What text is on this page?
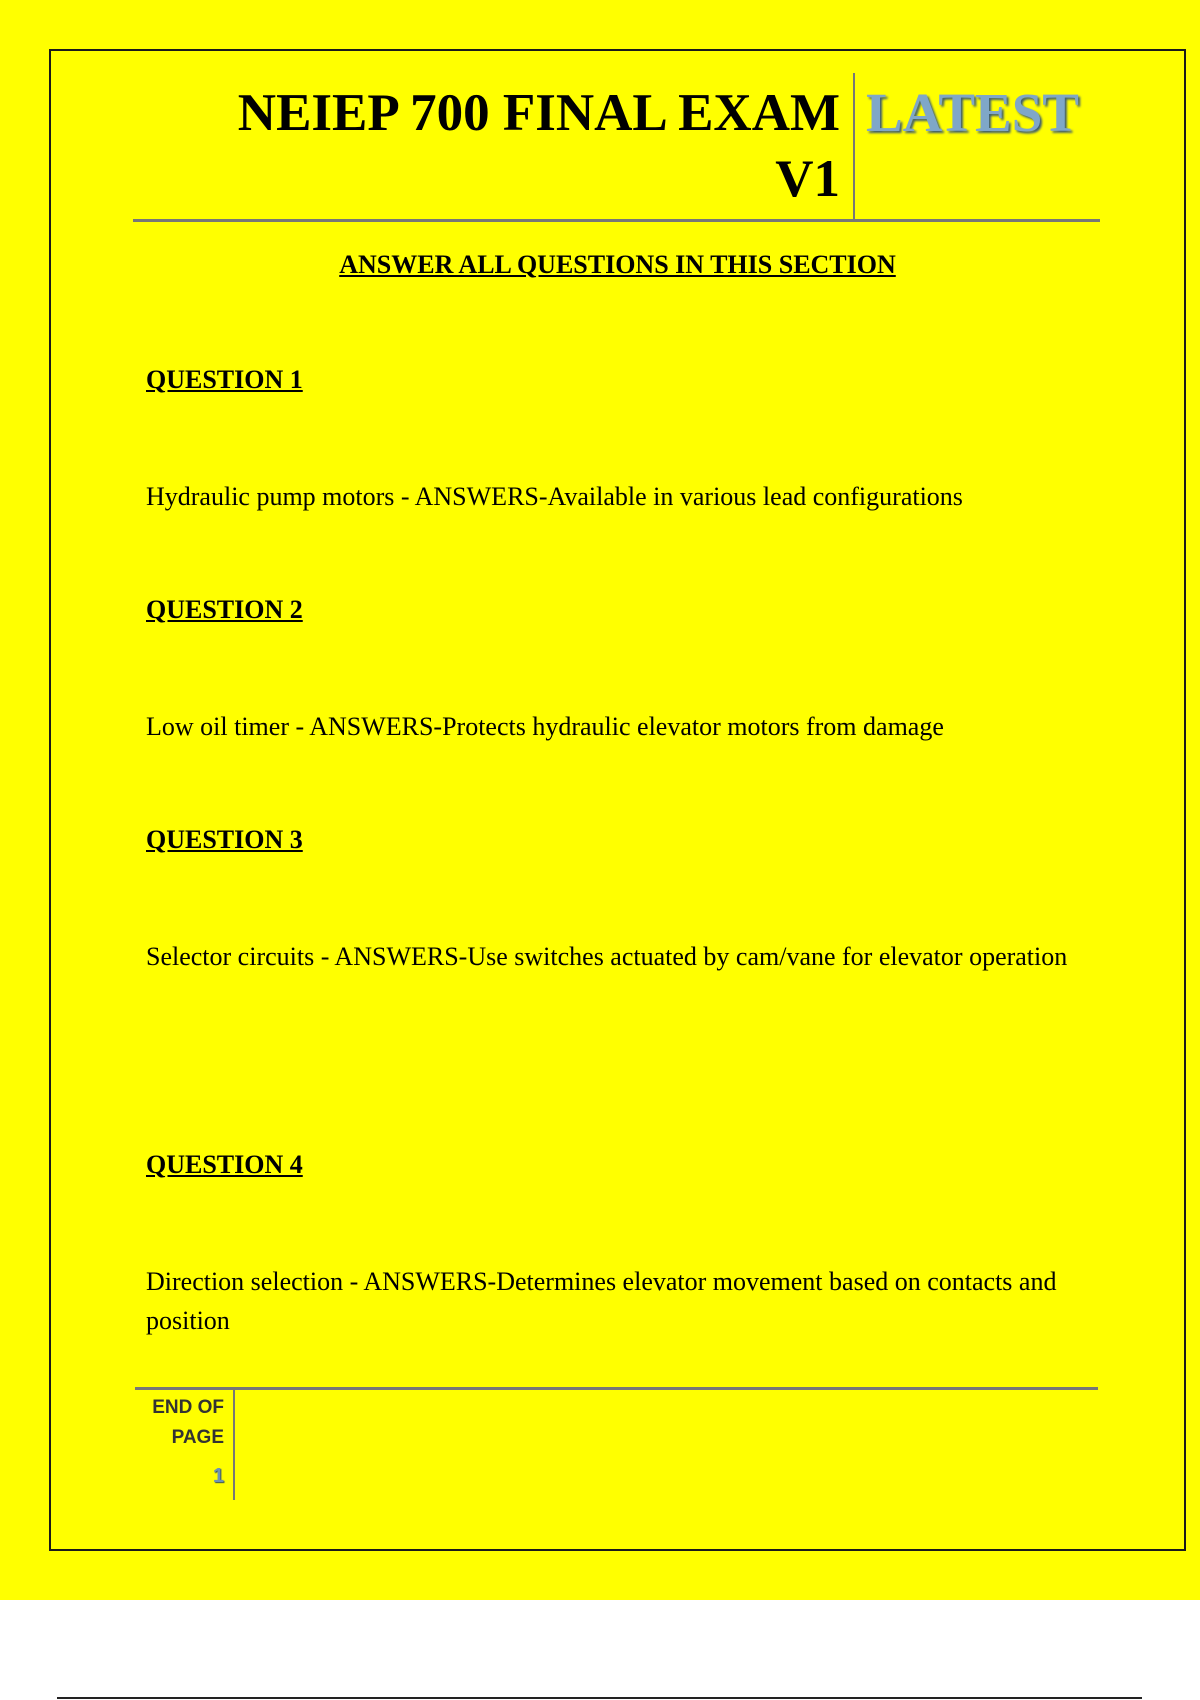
NEIEP 700 FINAL EXAM
V1
LATEST
ANSWER ALL QUESTIONS IN THIS SECTION
QUESTION 1
Hydraulic pump motors - ANSWERS-Available in various lead configurations
QUESTION 2
Low oil timer - ANSWERS-Protects hydraulic elevator motors from damage
QUESTION 3
Selector circuits - ANSWERS-Use switches actuated by cam/vane for elevator operation
QUESTION 4
Direction selection - ANSWERS-Determines elevator movement based on contacts and position
END OF
PAGE
1
